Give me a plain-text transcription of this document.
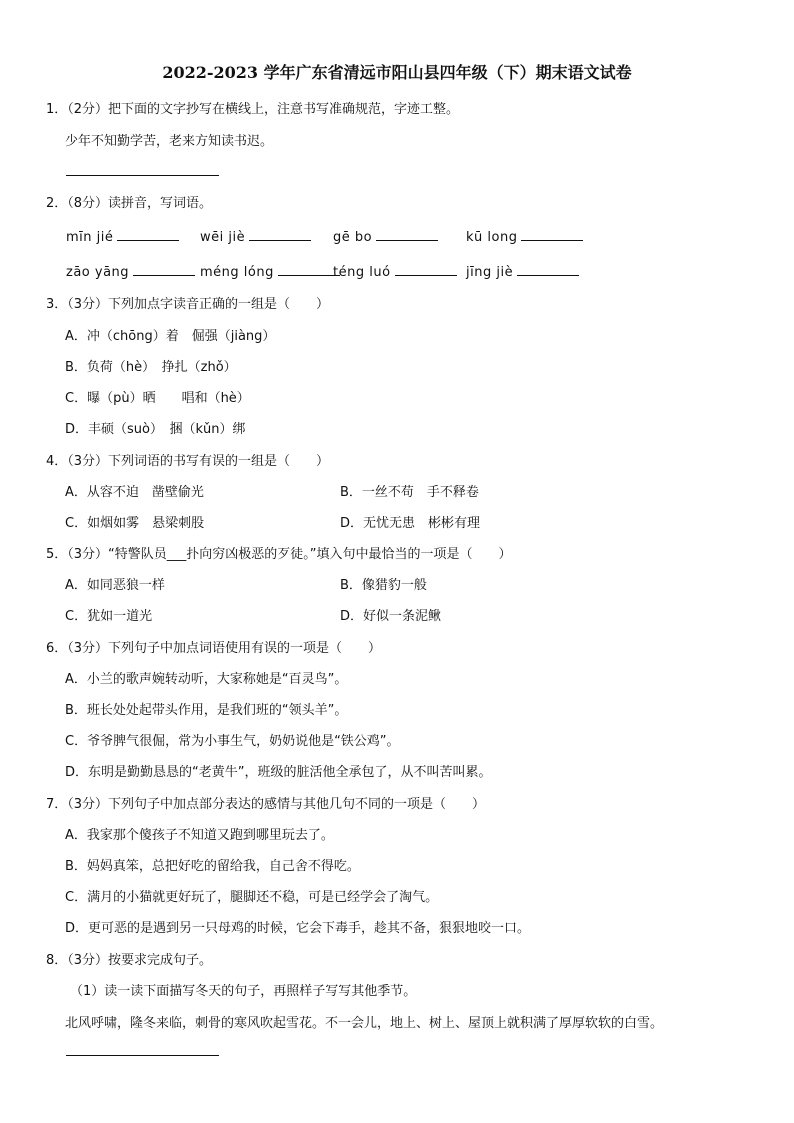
2022-2023 学年广东省清远市阳山县四年级（下）期末语文试卷
1．（2分）把下面的文字抄写在横线上，注意书写准确规范，字迹工整。
少年不知勤学苦，老来方知读书迟。
2．（8分）读拼音，写词语。
mīn jié	wēi jiè	gē bo	kū long
zāo yāng	méng lóng	téng luó	jīng jiè
3．（3分）下列加点字读音正确的一组是（　　）
A．冲（chōng）着　倔强（jiàng）
B．负荷（hè）　挣扎（zhǒ）
C．曝（pù）晒　　唱和（hè）
D．丰硕（suò）　捆（kǔn）绑
4．（3分）下列词语的书写有误的一组是（　　）
A．从容不迫　凿壁偷光	B．一丝不苟　手不释卷
C．如烟如雾　悬梁刺股	D．无忧无患　彬彬有理
5．（3分）“特警队员___扑向穷凶极恶的歹徒。”填入句中最恰当的一项是（　　）
A．如同恶狼一样	B．像猎豹一般
C．犹如一道光	D．好似一条泥鳅
6．（3分）下列句子中加点词语使用有误的一项是（　　）
A．小兰的歌声婉转动听，大家称她是“百灵鸟”。
B．班长处处起带头作用，是我们班的“领头羊”。
C．爷爷脾气很倔，常为小事生气，奶奶说他是“铁公鸡”。
D．东明是勤勤恳恳的“老黄牛”，班级的脏活他全承包了，从不叫苦叫累。
7．（3分）下列句子中加点部分表达的感情与其他几句不同的一项是（　　）
A．我家那个傻孩子不知道又跑到哪里玩去了。
B．妈妈真笨，总把好吃的留给我，自己舍不得吃。
C．满月的小猫就更好玩了，腿脚还不稳，可是已经学会了淘气。
D．更可恶的是遇到另一只母鸡的时候，它会下毒手，趁其不备，狠狠地咬一口。
8．（3分）按要求完成句子。
（1）读一读下面描写冬天的句子，再照样子写写其他季节。
北风呼啸，隆冬来临，刺骨的寒风吹起雪花。不一会儿，地上、树上、屋顶上就积满了厚厚软软的白雪。
